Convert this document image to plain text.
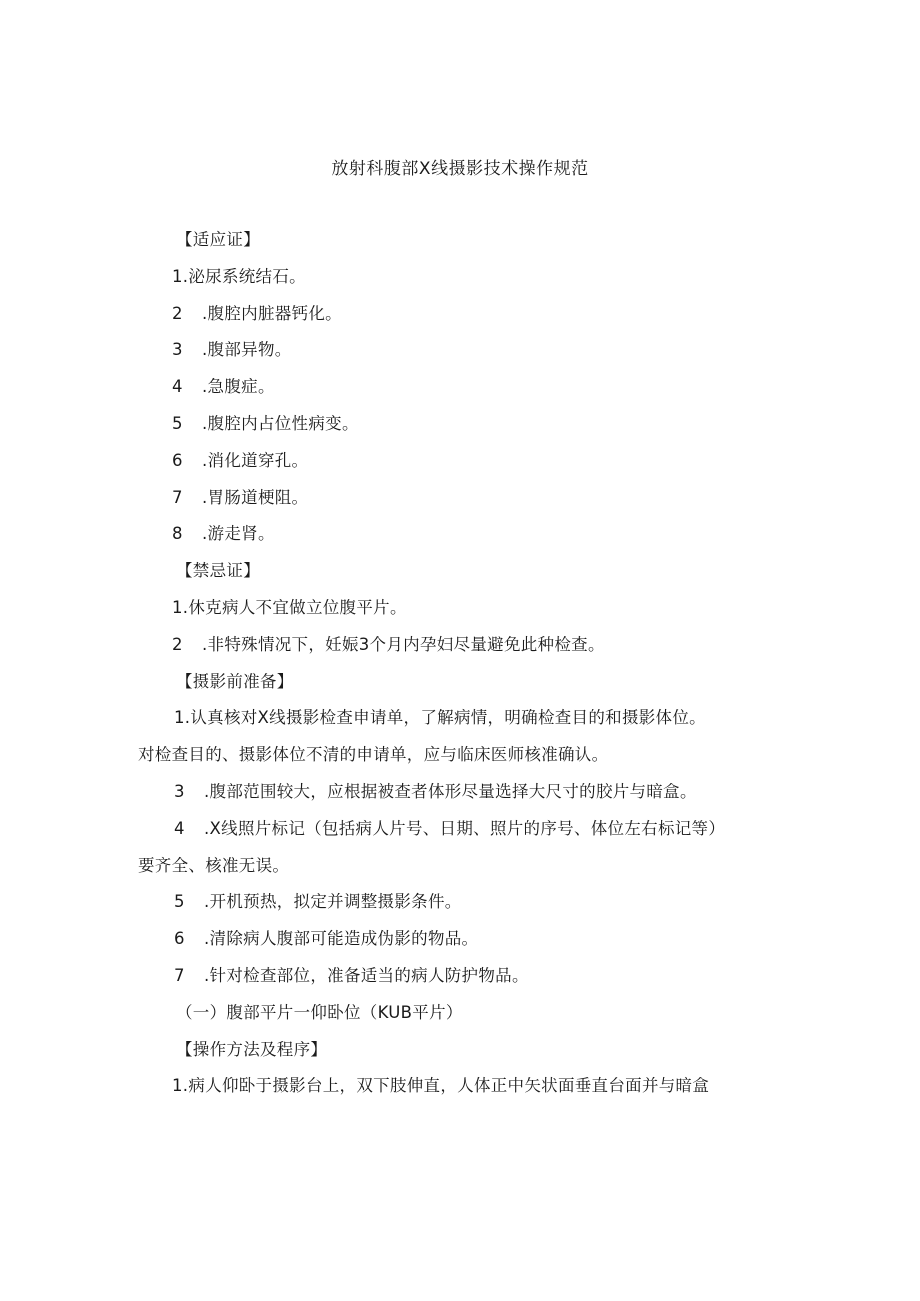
放射科腹部X线摄影技术操作规范
【适应证】
1.泌尿系统结石。
2 .腹腔内脏器钙化。
3 .腹部异物。
4 .急腹症。
5 .腹腔内占位性病变。
6 .消化道穿孔。
7 .胃肠道梗阻。
8 .游走肾。
【禁忌证】
1.休克病人不宜做立位腹平片。
2 .非特殊情况下，妊娠3个月内孕妇尽量避免此种检查。
【摄影前准备】
1.认真核对X线摄影检查申请单，了解病情，明确检查目的和摄影体位。
对检查目的、摄影体位不清的申请单，应与临床医师核准确认。
3 .腹部范围较大，应根据被查者体形尽量选择大尺寸的胶片与暗盒。
4 .X线照片标记（包括病人片号、日期、照片的序号、体位左右标记等）
要齐全、核准无误。
5 .开机预热，拟定并调整摄影条件。
6 .清除病人腹部可能造成伪影的物品。
7 .针对检查部位，准备适当的病人防护物品。
（一）腹部平片一仰卧位（KUB平片）
【操作方法及程序】
1.病人仰卧于摄影台上，双下肢伸直，人体正中矢状面垂直台面并与暗盒
